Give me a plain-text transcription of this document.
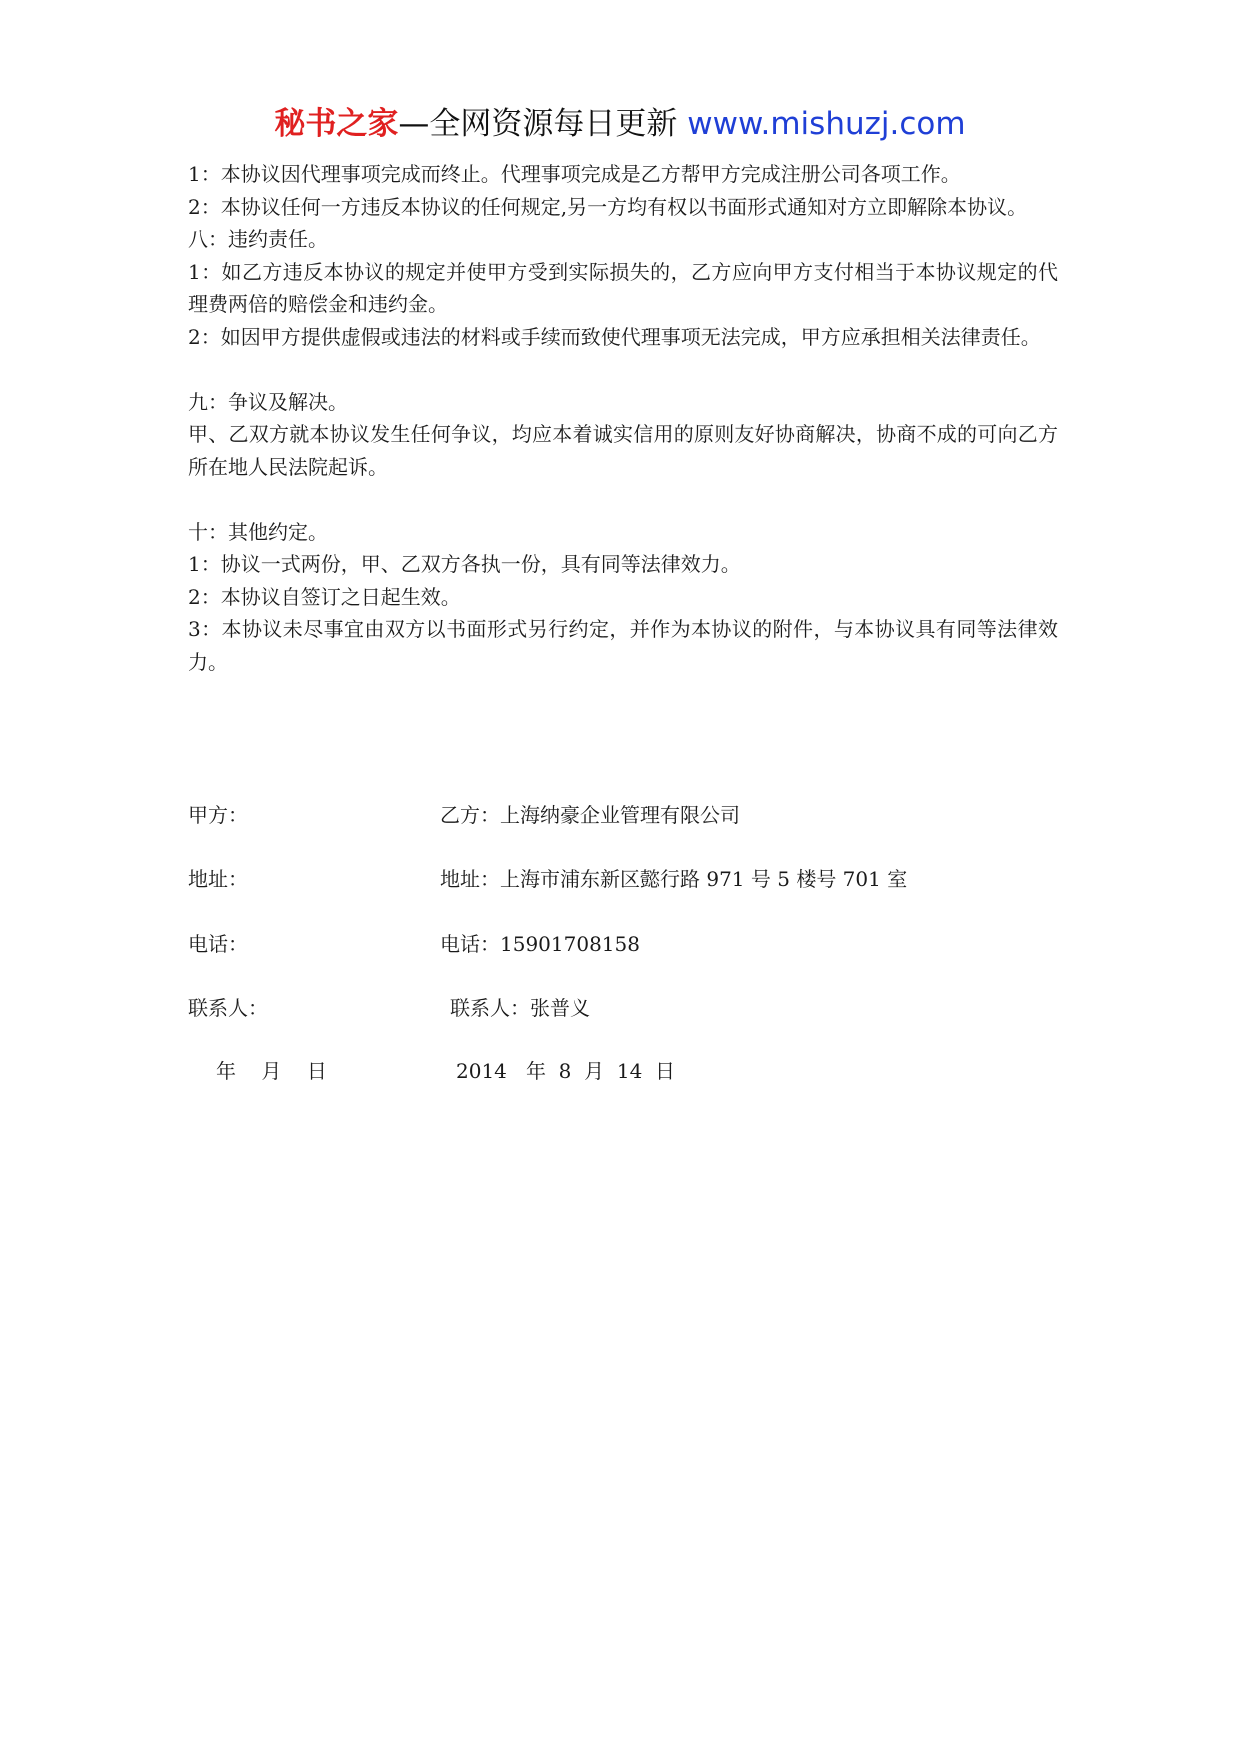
秘书之家—全网资源每日更新 www.mishuzj.com

1：本协议因代理事项完成而终止。代理事项完成是乙方帮甲方完成注册公司各项工作。

2：本协议任何一方违反本协议的任何规定,另一方均有权以书面形式通知对方立即解除本协议。

八：违约责任。

1：如乙方违反本协议的规定并使甲方受到实际损失的，乙方应向甲方支付相当于本协议规定的代理费两倍的赔偿金和违约金。

2：如因甲方提供虚假或违法的材料或手续而致使代理事项无法完成，甲方应承担相关法律责任。

九：争议及解决。

甲、乙双方就本协议发生任何争议，均应本着诚实信用的原则友好协商解决，协商不成的可向乙方所在地人民法院起诉。

十：其他约定。

1：协议一式两份，甲、乙双方各执一份，具有同等法律效力。

2：本协议自签订之日起生效。

3：本协议未尽事宜由双方以书面形式另行约定，并作为本协议的附件，与本协议具有同等法律效力。

甲方：	乙方：上海纳豪企业管理有限公司
地址：	地址：上海市浦东新区懿行路 971 号 5 楼号 701 室
电话：	电话：15901708158
联系人：	联系人：张普义
年    月    日	2014   年  8  月  14  日
